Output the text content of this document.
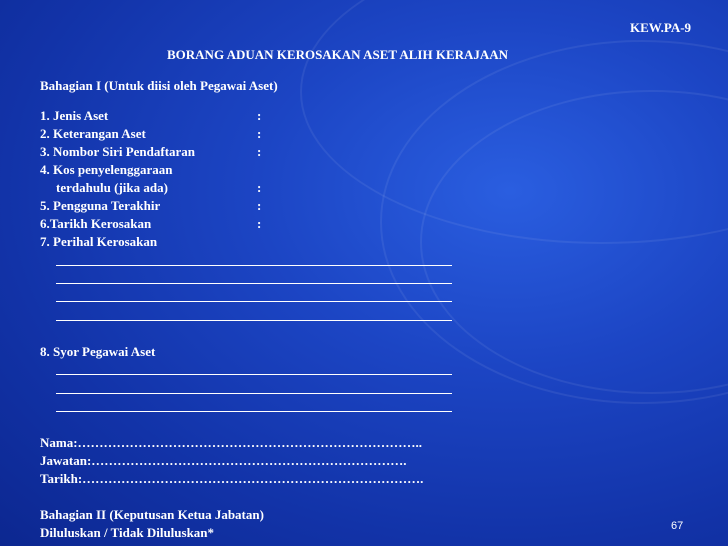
KEW.PA-9

BORANG ADUAN KEROSAKAN ASET ALIH KERAJAAN

Bahagian I (Untuk diisi oleh Pegawai Aset)

1. Jenis Aset	:

2. Keterangan Aset	:

3. Nombor Siri Pendaftaran	:

4. Kos penyelenggaraan

terdahulu (jika ada)	:

5. Pengguna Terakhir	:

6.Tarikh Kerosakan	:

7. Perihal Kerosakan

8. Syor Pegawai Aset

Nama:……………………………………………………………………..

Jawatan:……………………………………………………………….

Tarikh:…………………………………………………………………….

Bahagian II (Keputusan Ketua Jabatan)

Diluluskan / Tidak Diluluskan*	67
